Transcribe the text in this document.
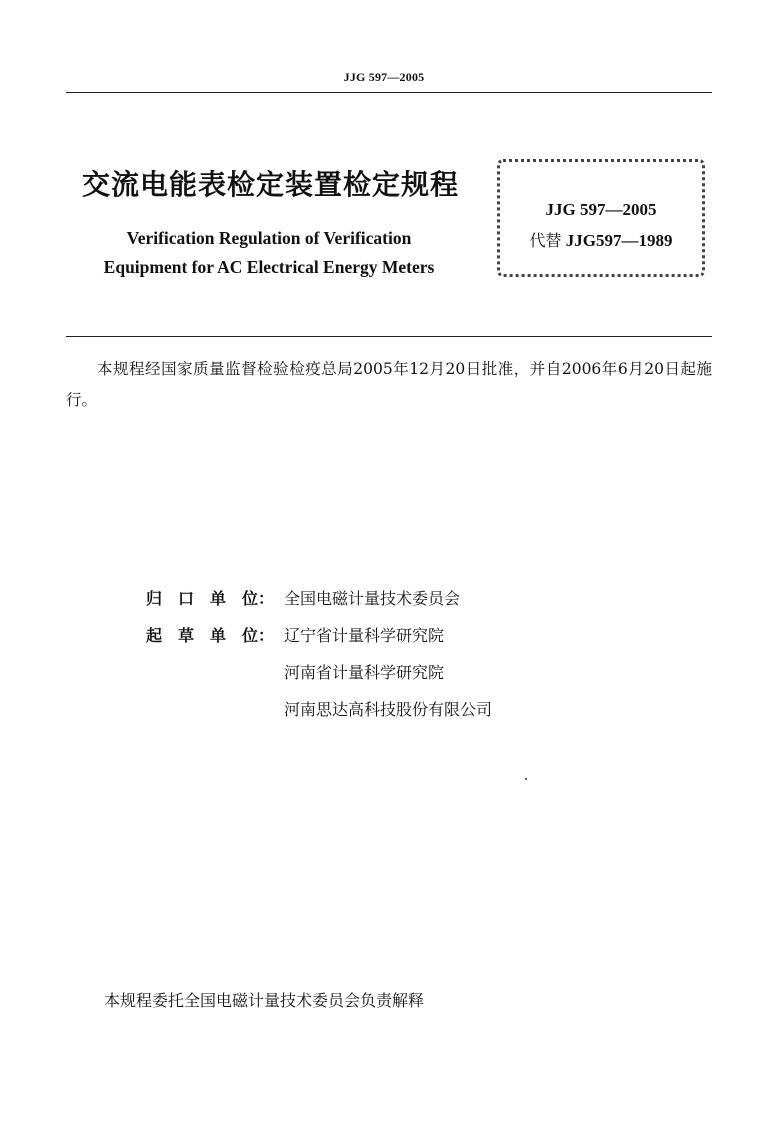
JJG 597—2005
交流电能表检定装置检定规程
Verification Regulation of Verification
Equipment for AC Electrical Energy Meters
JJG 597—2005
代替 JJG597—1989
本规程经国家质量监督检验检疫总局2005年12月20日批准，并自2006年6月20日起施行。
归 口 单 位： 全国电磁计量技术委员会
起 草 单 位： 辽宁省计量科学研究院
河南省计量科学研究院
河南思达高科技股份有限公司
本规程委托全国电磁计量技术委员会负责解释
